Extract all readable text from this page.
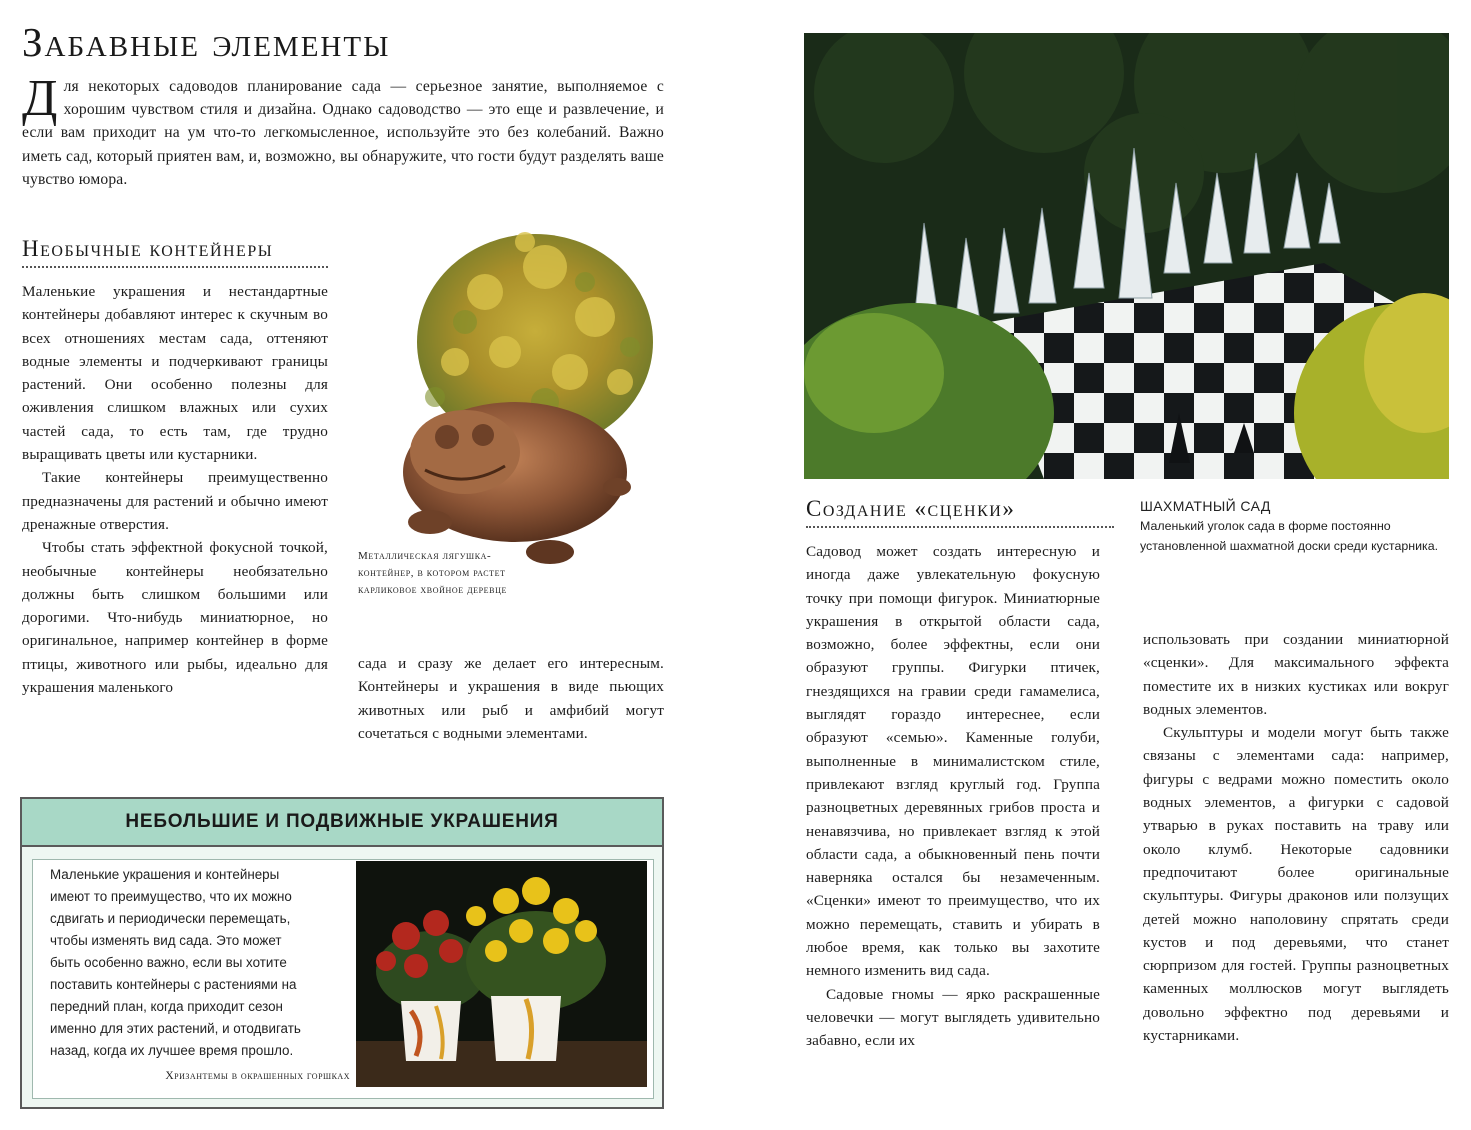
Забавные элементы
Д ля некоторых садоводов планирование сада — серьезное занятие, выполняемое с хорошим чувством стиля и дизайна. Однако садоводство — это еще и развлечение, и если вам приходит на ум что-то легкомысленное, используйте это без колебаний. Важно иметь сад, который приятен вам, и, возможно, вы обнаружите, что гости будут разделять ваше чувство юмора.
Необычные контейнеры

Маленькие украшения и нестандартные контейнеры добавляют интерес к скучным во всех отношениях местам сада, оттеняют водные элементы и подчеркивают границы растений. Они особенно полезны для оживления слишком влажных или сухих частей сада, то есть там, где трудно выращивать цветы или кустарники.

Такие контейнеры преимущественно предназначены для растений и обычно имеют дренажные отверстия.

Чтобы стать эффектной фокусной точкой, необычные контейнеры необязательно должны быть слишком большими или дорогими. Что-нибудь миниатюрное, но оригинальное, например контейнер в форме птицы, животного или рыбы, идеально для украшения маленького

Металлическая лягушка-контейнер, в котором растет карликовое хвойное деревце

сада и сразу же делает его интересным. Контейнеры и украшения в виде пьющих животных или рыб и амфибий могут сочетаться с водными элементами.

НЕБОЛЬШИЕ И ПОДВИЖНЫЕ УКРАШЕНИЯ
Маленькие украшения и контейнеры имеют то преимущество, что их можно сдвигать и периодически перемещать, чтобы изменять вид сада. Это может быть особенно важно, если вы хотите поставить контейнеры с растениями на передний план, когда приходит сезон именно для этих растений, и отодвигать назад, когда их лучшее время прошло.
Хризантемы в окрашенных горшках
ШАХМАТНЫЙ САД
Маленький уголок сада в форме постоянно установленной шахматной доски среди кустарника.
Создание «сценки»

Садовод может создать интересную и иногда даже увлекательную фокусную точку при помощи фигурок. Миниатюрные украшения в открытой области сада, возможно, более эффектны, если они образуют группы. Фигурки птичек, гнездящихся на гравии среди гамамелиса, выглядят гораздо интереснее, если образуют «семью». Каменные голуби, выполненные в минималистском стиле, привлекают взгляд круглый год. Группа разноцветных деревянных грибов проста и ненавязчива, но привлекает взгляд к этой области сада, а обыкновенный пень почти наверняка остался бы незамеченным. «Сценки» имеют то преимущество, что их можно перемещать, ставить и убирать в любое время, как только вы захотите немного изменить вид сада.

Садовые гномы — ярко раскрашенные человечки — могут выглядеть удивительно забавно, если их

использовать при создании миниатюрной «сценки». Для максимального эффекта поместите их в низких кустиках или вокруг водных элементов.

Скульптуры и модели могут быть также связаны с элементами сада: например, фигуры с ведрами можно поместить около водных элементов, а фигурки с садовой утварью в руках поставить на траву или около клумб. Некоторые садовники предпочитают более оригинальные скульптуры. Фигуры драконов или ползущих детей можно наполовину спрятать среди кустов и под деревьями, что станет сюрпризом для гостей. Группы разноцветных каменных моллюсков могут выглядеть довольно эффектно под деревьями и кустарниками.
